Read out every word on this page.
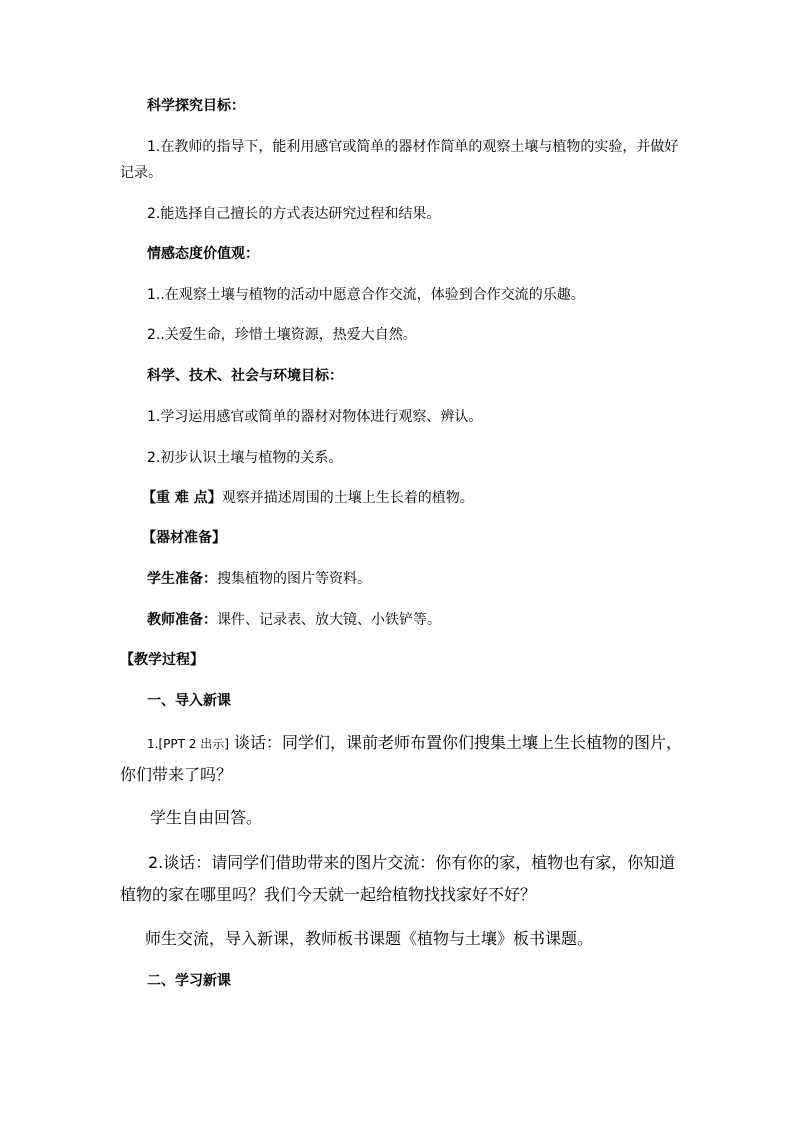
科学探究目标：
1.在教师的指导下，能利用感官或简单的器材作简单的观察土壤与植物的实验，并做好
记录。
2.能选择自己擅长的方式表达研究过程和结果。
情感态度价值观：
1..在观察土壤与植物的活动中愿意合作交流，体验到合作交流的乐趣。
2..关爱生命，珍惜土壤资源，热爱大自然。
科学、技术、社会与环境目标：
1.学习运用感官或简单的器材对物体进行观察、辨认。
2.初步认识土壤与植物的关系。
【重 难 点】观察并描述周围的土壤上生长着的植物。
【器材准备】
学生准备：搜集植物的图片等资料。
教师准备：课件、记录表、放大镜、小铁铲等。
【教学过程】
一、导入新课
1.[PPT 2 出示] 谈话：同学们，课前老师布置你们搜集土壤上生长植物的图片，
你们带来了吗？
学生自由回答。
2.谈话：请同学们借助带来的图片交流：你有你的家，植物也有家，你知道
植物的家在哪里吗？我们今天就一起给植物找找家好不好？
师生交流，导入新课，教师板书课题《植物与土壤》板书课题。
二、学习新课
